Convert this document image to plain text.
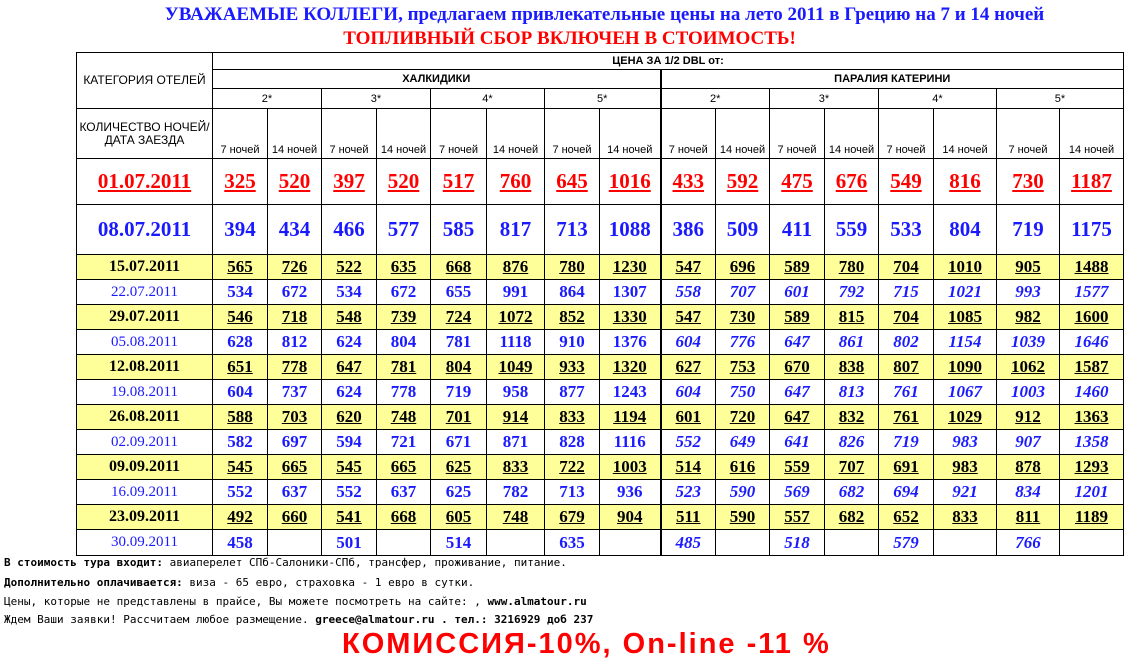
УВАЖАЕМЫЕ КОЛЛЕГИ, предлагаем привлекательные цены на лето 2011 в Грецию на 7 и 14 ночей
ТОПЛИВНЫЙ СБОР ВКЛЮЧЕН В СТОИМОСТЬ!
КАТЕГОРИЯ ОТЕЛЕЙ	ЦЕНА ЗА 1/2 DBL от:															
	ХАЛКИДИКИ								ПАРАЛИЯ КАТЕРИНИ							
	2*		3*		4*		5*		2*		3*		4*		5*	
КОЛИЧЕСТВО НОЧЕЙ/ ДАТА ЗАЕЗДА	7 ночей	14 ночей	7 ночей	14 ночей	7 ночей	14 ночей	7 ночей	14 ночей	7 ночей	14 ночей	7 ночей	14 ночей	7 ночей	14 ночей	7 ночей	14 ночей
01.07.2011	325	520	397	520	517	760	645	1016	433	592	475	676	549	816	730	1187
08.07.2011	394	434	466	577	585	817	713	1088	386	509	411	559	533	804	719	1175
15.07.2011	565	726	522	635	668	876	780	1230	547	696	589	780	704	1010	905	1488
22.07.2011	534	672	534	672	655	991	864	1307	558	707	601	792	715	1021	993	1577
29.07.2011	546	718	548	739	724	1072	852	1330	547	730	589	815	704	1085	982	1600
05.08.2011	628	812	624	804	781	1118	910	1376	604	776	647	861	802	1154	1039	1646
12.08.2011	651	778	647	781	804	1049	933	1320	627	753	670	838	807	1090	1062	1587
19.08.2011	604	737	624	778	719	958	877	1243	604	750	647	813	761	1067	1003	1460
26.08.2011	588	703	620	748	701	914	833	1194	601	720	647	832	761	1029	912	1363
02.09.2011	582	697	594	721	671	871	828	1116	552	649	641	826	719	983	907	1358
09.09.2011	545	665	545	665	625	833	722	1003	514	616	559	707	691	983	878	1293
16.09.2011	552	637	552	637	625	782	713	936	523	590	569	682	694	921	834	1201
23.09.2011	492	660	541	668	605	748	679	904	511	590	557	682	652	833	811	1189
30.09.2011	458		501		514		635		485		518		579		766	
В стоимость тура входит: авиаперелет СПб-Салоники-СПб, трансфер, проживание, питание.
Дополнительно оплачивается: виза - 65 евро, страховка - 1 евро в сутки.
Цены, которые не представлены в прайсе, Вы можете посмотреть на сайте: , www.almatour.ru
Ждем Ваши заявки! Рассчитаем любое размещение. greece@almatour.ru . тел.: 3216929 доб 237
КОМИССИЯ-10%, On-line -11 %
